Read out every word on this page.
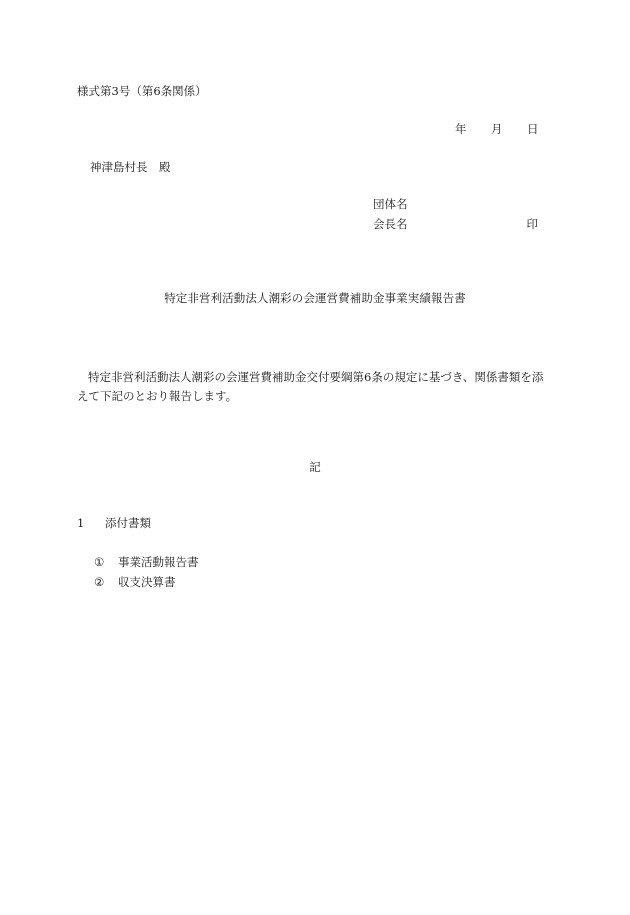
様式第3号（第6条関係）
年	月	日
神津島村長　殿
団体名
会長名	印
特定非営利活動法人潮彩の会運営費補助金事業実績報告書
特定非営利活動法人潮彩の会運営費補助金交付要綱第6条の規定に基づき、関係書類を添えて下記のとおり報告します。
記
1 添付書類
① 事業活動報告書
② 収支決算書
